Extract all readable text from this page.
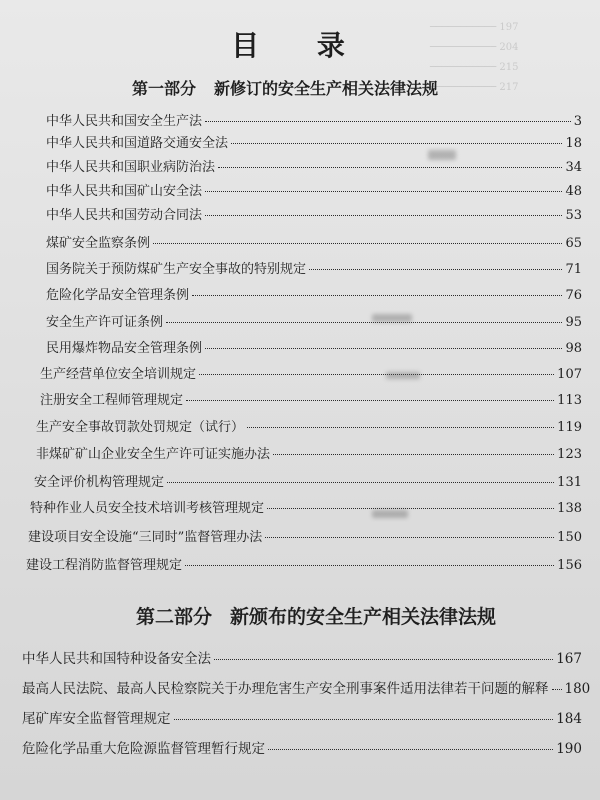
─────────── 197
─────────── 204
─────────── 215
─────────── 217
目 录
第一部分 新修订的安全生产相关法律法规
第二部分 新颁布的安全生产相关法律法规
中华人民共和国安全生产法	3
中华人民共和国道路交通安全法	18
中华人民共和国职业病防治法	34
中华人民共和国矿山安全法	48
中华人民共和国劳动合同法	53
煤矿安全监察条例	65
国务院关于预防煤矿生产安全事故的特别规定	71
危险化学品安全管理条例	76
安全生产许可证条例	95
民用爆炸物品安全管理条例	98
生产经营单位安全培训规定	107
注册安全工程师管理规定	113
生产安全事故罚款处罚规定（试行）	119
非煤矿矿山企业安全生产许可证实施办法	123
安全评价机构管理规定	131
特种作业人员安全技术培训考核管理规定	138
建设项目安全设施“三同时”监督管理办法	150
建设工程消防监督管理规定	156
中华人民共和国特种设备安全法	167
最高人民法院、最高人民检察院关于办理危害生产安全刑事案件适用法律若干问题的解释 180
尾矿库安全监督管理规定	184
危险化学品重大危险源监督管理暂行规定	190
